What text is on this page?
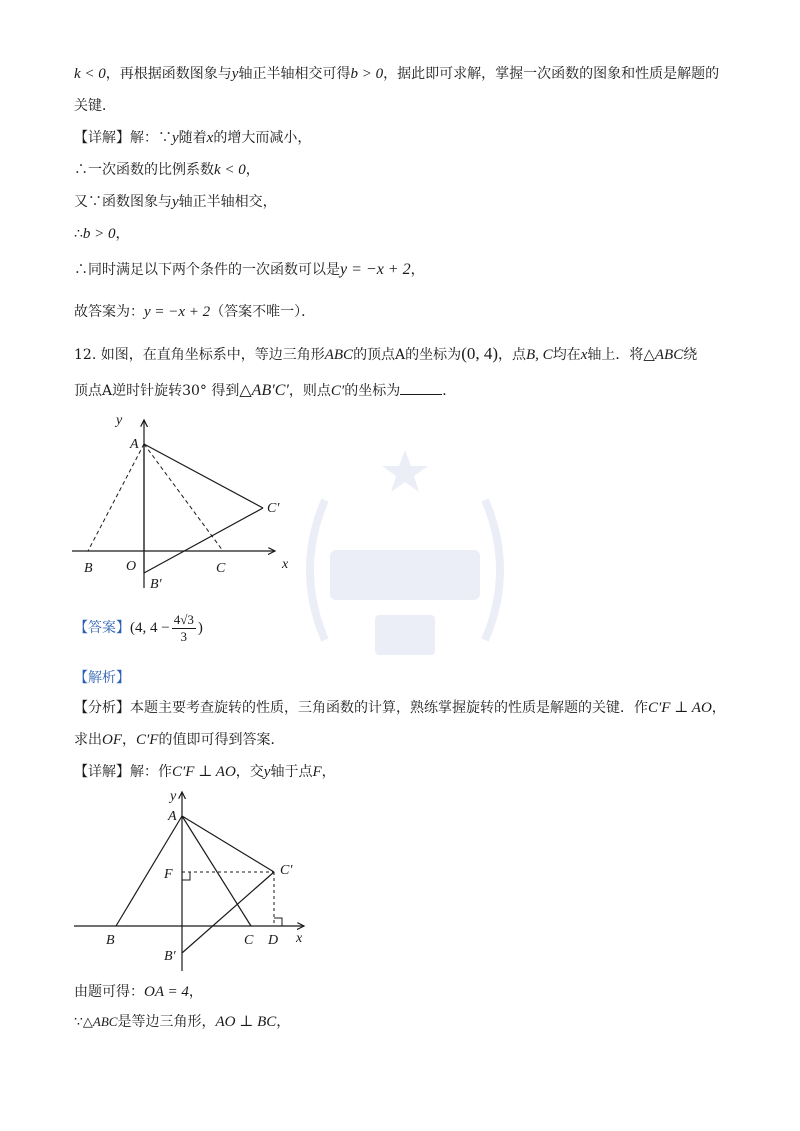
k < 0，再根据函数图象与y轴正半轴相交可得b > 0，据此即可求解，掌握一次函数的图象和性质是解题的
关键．
【详解】解：∵y随着x的增大而减小，
∴一次函数的比例系数k < 0，
又∵函数图象与y轴正半轴相交，
∴b > 0，
∴同时满足以下两个条件的一次函数可以是y = −x + 2，
故答案为：y = −x + 2（答案不唯一）．
12. 如图，在直角坐标系中，等边三角形ABC的顶点A的坐标为(0, 4)，点B, C均在x轴上．将△ABC绕
顶点A逆时针旋转30° 得到△AB′C′，则点C′的坐标为	．
y
A
C′
B O	C	x
B′
【答案】(4, $4 - \frac{4√3}{3}$ )
【解析】
【分析】本题主要考查旋转的性质，三角函数的计算，熟练掌握旋转的性质是解题的关键．作C′F ⊥ AO，
求出OF，C′F的值即可得到答案．
【详解】解：作C′F ⊥ AO，交y轴于点F，
y
A
F	C′
B	C D x
B′
由题可得：OA = 4，
∵△ABC是等边三角形，AO ⊥ BC，
